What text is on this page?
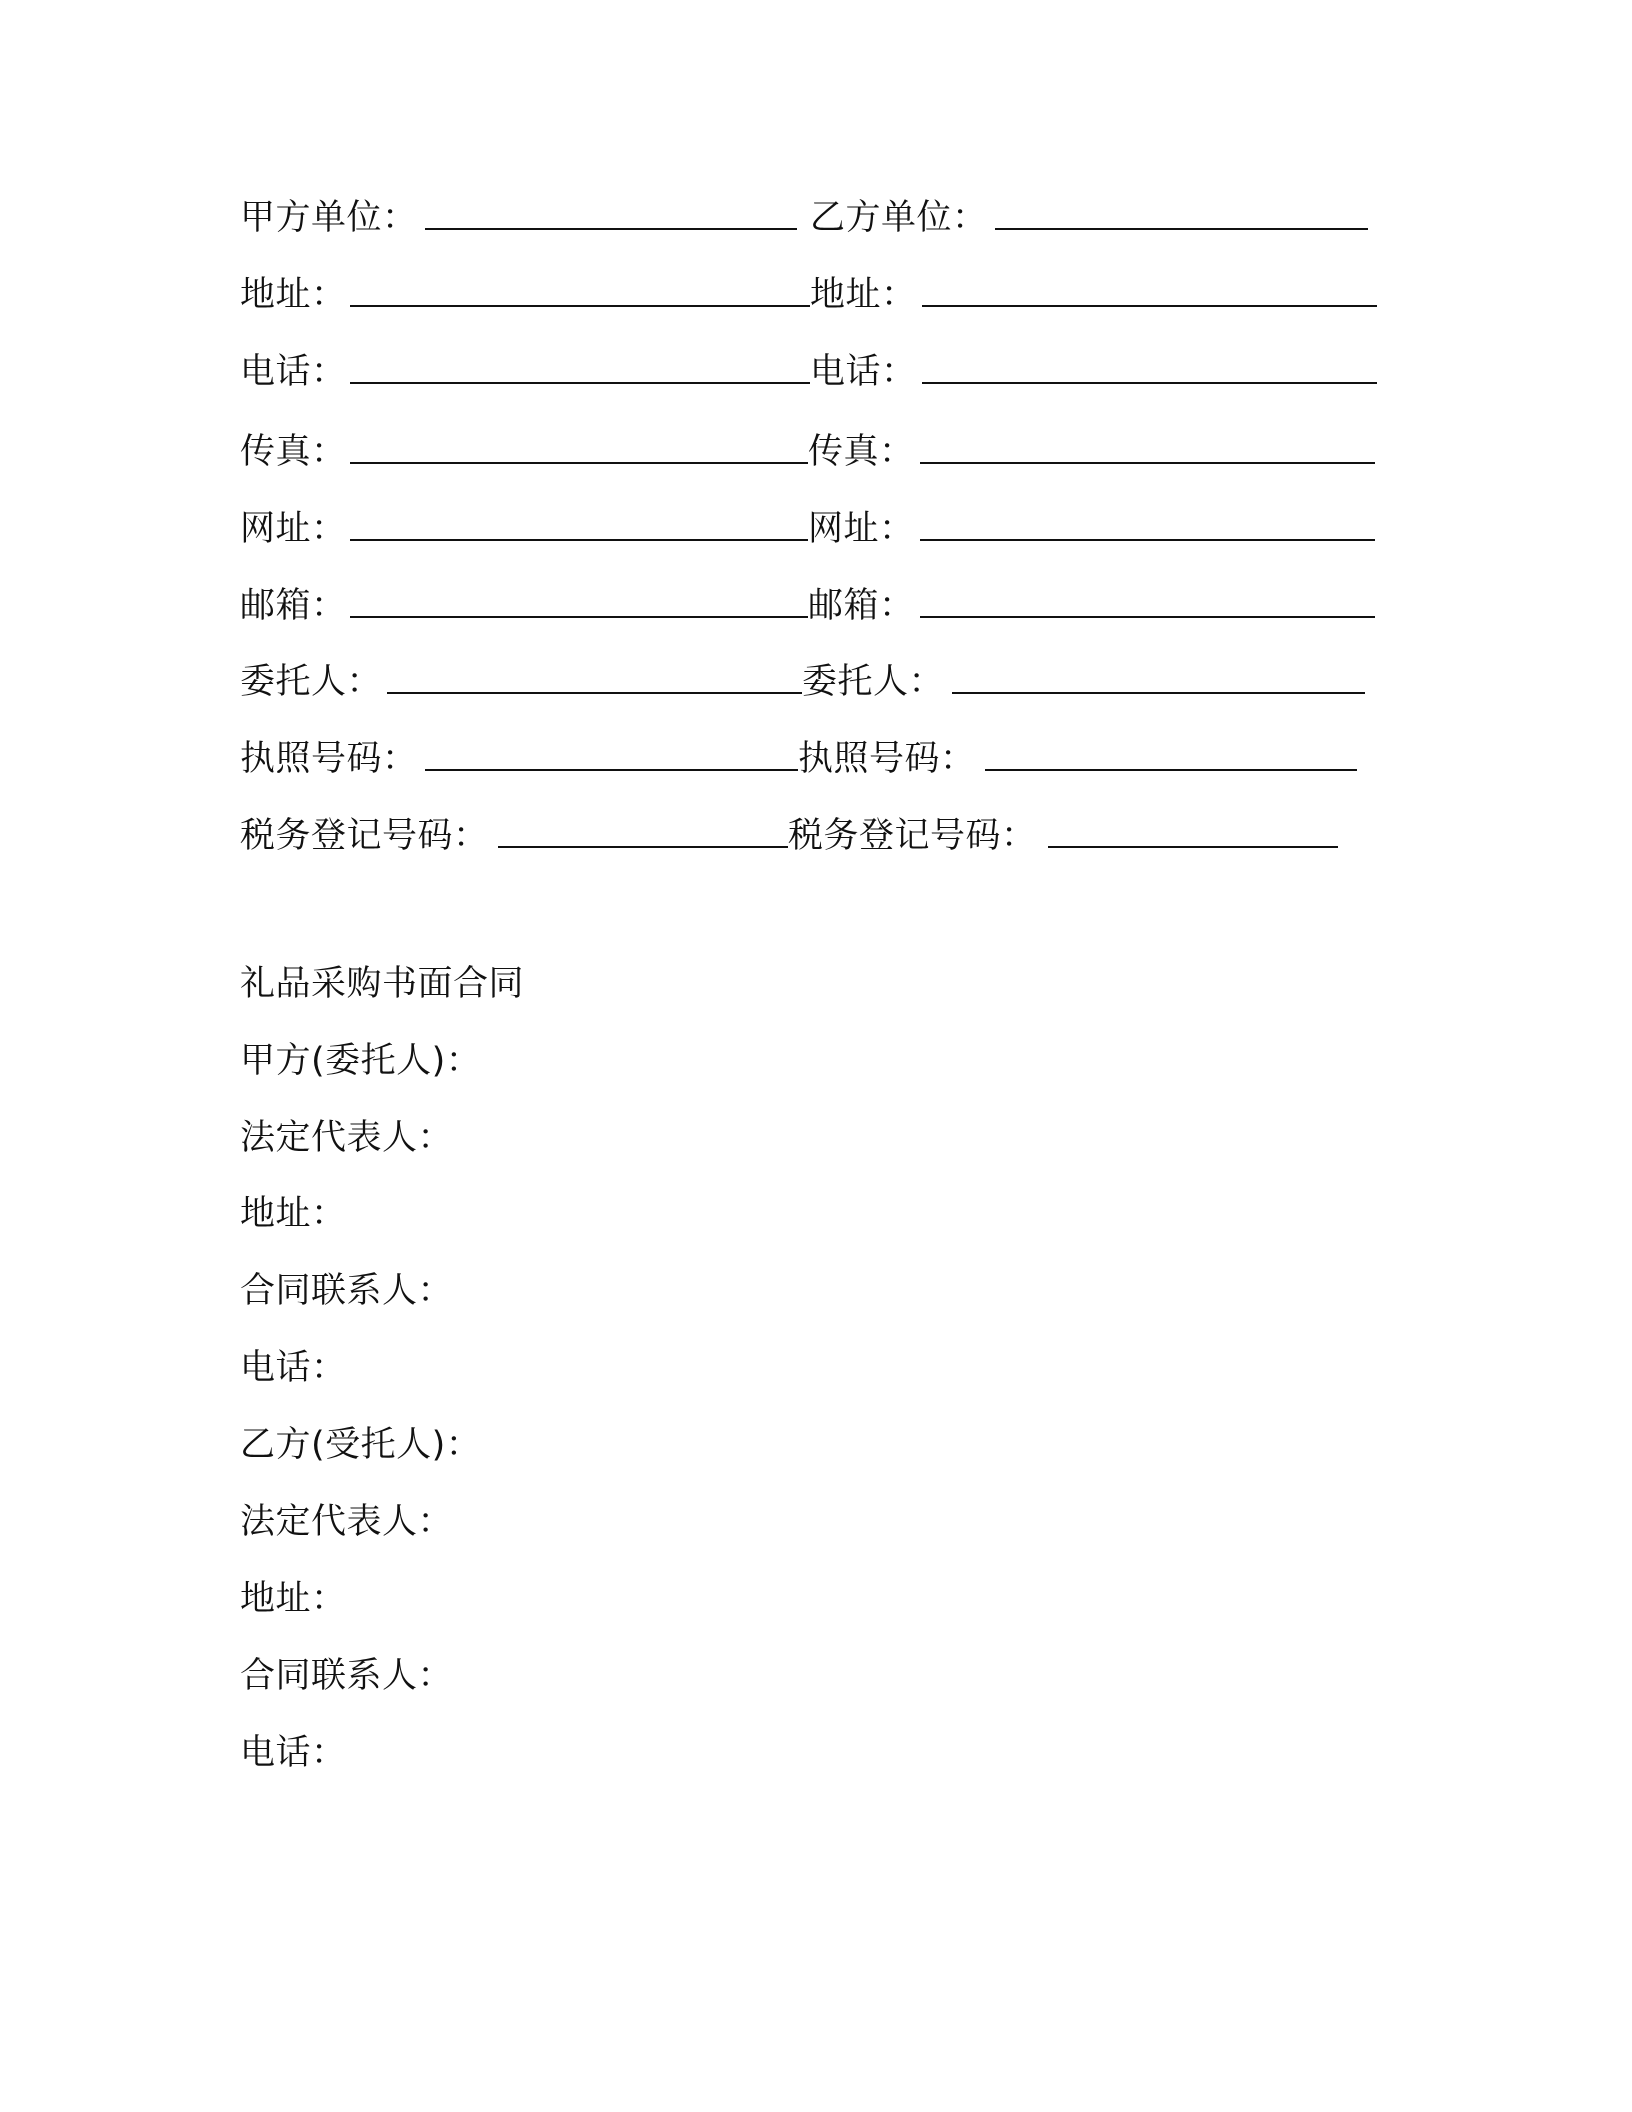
甲方单位：	乙方单位：
地址：	地址：
电话：	电话：
传真：	传真：
网址：	网址：
邮箱：	邮箱：
委托人：	委托人：
执照号码：	执照号码：
税务登记号码：	税务登记号码：
礼品采购书面合同
甲方(委托人)：
法定代表人：
地址：
合同联系人：
电话：
乙方(受托人)：
法定代表人：
地址：
合同联系人：
电话：
